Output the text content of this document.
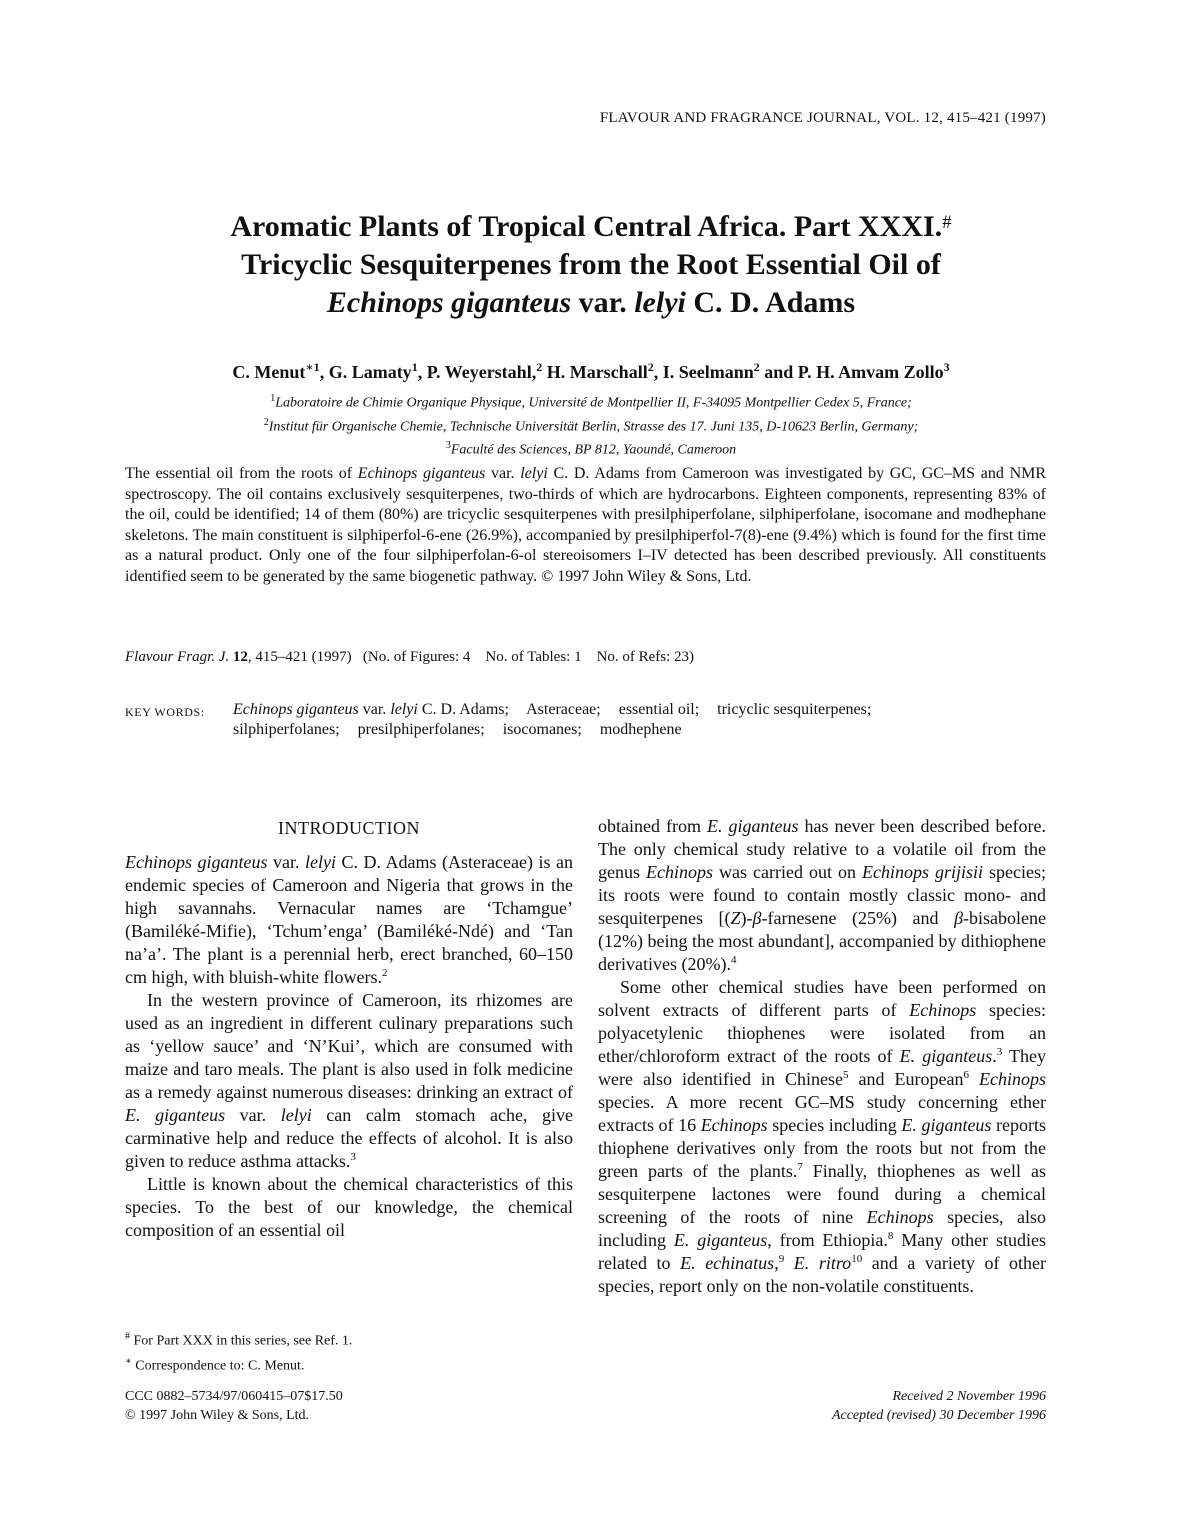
FLAVOUR AND FRAGRANCE JOURNAL, VOL. 12, 415–421 (1997)
Aromatic Plants of Tropical Central Africa. Part XXXI.#
Tricyclic Sesquiterpenes from the Root Essential Oil of
Echinops giganteus var. lelyi C. D. Adams
C. Menut$^{∗1}$, G. Lamaty$^1$, P. Weyerstahl,$^2$ H. Marschall$^2$, I. Seelmann$^2$ and P. H. Amvam Zollo$^3$
$^1$Laboratoire de Chimie Organique Physique, Université de Montpellier II, F-34095 Montpellier Cedex 5, France;
$^2$Institut für Organische Chemie, Technische Universität Berlin, Strasse des 17. Juni 135, D-10623 Berlin, Germany;
$^3$Faculté des Sciences, BP 812, Yaoundé, Cameroon
The essential oil from the roots of Echinops giganteus var. lelyi C. D. Adams from Cameroon was investigated by GC, GC–MS and NMR spectroscopy. The oil contains exclusively sesquiterpenes, two-thirds of which are hydrocarbons. Eighteen components, representing 83% of the oil, could be identified; 14 of them (80%) are tricyclic sesquiterpenes with presilphiperfolane, silphiperfolane, isocomane and modhephane skeletons. The main constituent is silphiperfol-6-ene (26.9%), accompanied by presilphiperfol-7(8)-ene (9.4%) which is found for the first time as a natural product. Only one of the four silphiperfolan-6-ol stereoisomers I–IV detected has been described previously. All constituents identified seem to be generated by the same biogenetic pathway. © 1997 John Wiley & Sons, Ltd.
Flavour Fragr. J. 12, 415–421 (1997) (No. of Figures: 4    No. of Tables: 1    No. of Refs: 23)
KEY WORDS: Echinops giganteus var. lelyi C. D. Adams; Asteraceae; essential oil; tricyclic sesquiterpenes;
silphiperfolanes; presilphiperfolanes; isocomanes; modhephene
INTRODUCTION

Echinops giganteus var. lelyi C. D. Adams (Asteraceae) is an endemic species of Cameroon and Nigeria that grows in the high savannahs. Vernacular names are ‘Tchamgue’ (Bamiléké-Mifie), ‘Tchum’enga’ (Bamiléké-Ndé) and ‘Tan na’a’. The plant is a perennial herb, erect branched, 60–150 cm high, with bluish-white flowers.$^2$

In the western province of Cameroon, its rhizomes are used as an ingredient in different culinary preparations such as ‘yellow sauce’ and ‘N’Kui’, which are consumed with maize and taro meals. The plant is also used in folk medicine as a remedy against numerous diseases: drinking an extract of E. giganteus var. lelyi can calm stomach ache, give carminative help and reduce the effects of alcohol. It is also given to reduce asthma attacks.$^3$

Little is known about the chemical characteristics of this species. To the best of our knowledge, the chemical composition of an essential oil

obtained from E. giganteus has never been described before. The only chemical study relative to a volatile oil from the genus Echinops was carried out on Echinops grijisii species; its roots were found to contain mostly classic mono- and sesquiterpenes [(Z)-β-farnesene (25%) and β-bisabolene (12%) being the most abundant], accompanied by dithiophene derivatives (20%).$^4$

Some other chemical studies have been performed on solvent extracts of different parts of Echinops species: polyacetylenic thiophenes were isolated from an ether/chloroform extract of the roots of E. giganteus.$^3$ They were also identified in Chinese$^5$ and European$^6$ Echinops species. A more recent GC–MS study concerning ether extracts of 16 Echinops species including E. giganteus reports thiophene derivatives only from the roots but not from the green parts of the plants.$^7$ Finally, thiophenes as well as sesquiterpene lactones were found during a chemical screening of the roots of nine Echinops species, also including E. giganteus, from Ethiopia.$^8$ Many other studies related to E. echinatus,$^9$ E. ritro$^{10}$ and a variety of other species, report only on the non-volatile constituents.

# For Part XXX in this series, see Ref. 1.
∗ Correspondence to: C. Menut.
CCC 0882–5734/97/060415–07$17.50
© 1997 John Wiley & Sons, Ltd.
Received 2 November 1996
Accepted (revised) 30 December 1996
